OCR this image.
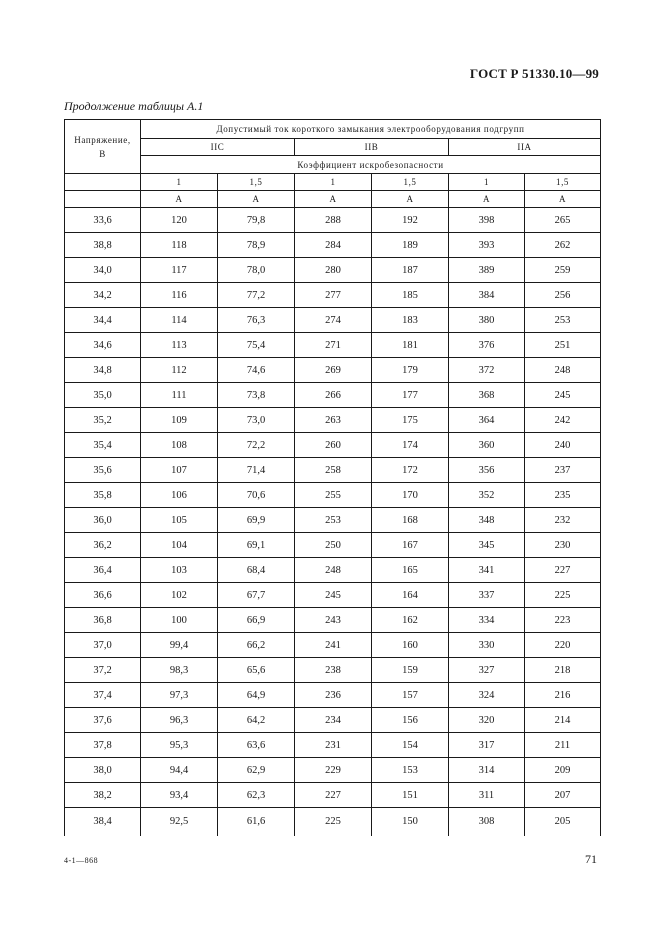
ГОСТ Р 51330.10—99
Продолжение таблицы А.1
Напряжение,
В	Допустимый ток короткого замыкания электрооборудования подгрупп					
	IIC		IIB		IIA	
	Коэффициент искробезопасности					
	1	1,5	1	1,5	1	1,5
	А	А	А	А	А	А
33,6	120	79,8	288	192	398	265
38,8	118	78,9	284	189	393	262
34,0	117	78,0	280	187	389	259
34,2	116	77,2	277	185	384	256
34,4	114	76,3	274	183	380	253
34,6	113	75,4	271	181	376	251
34,8	112	74,6	269	179	372	248
35,0	111	73,8	266	177	368	245
35,2	109	73,0	263	175	364	242
35,4	108	72,2	260	174	360	240
35,6	107	71,4	258	172	356	237
35,8	106	70,6	255	170	352	235
36,0	105	69,9	253	168	348	232
36,2	104	69,1	250	167	345	230
36,4	103	68,4	248	165	341	227
36,6	102	67,7	245	164	337	225
36,8	100	66,9	243	162	334	223
37,0	99,4	66,2	241	160	330	220
37,2	98,3	65,6	238	159	327	218
37,4	97,3	64,9	236	157	324	216
37,6	96,3	64,2	234	156	320	214
37,8	95,3	63,6	231	154	317	211
38,0	94,4	62,9	229	153	314	209
38,2	93,4	62,3	227	151	311	207
38,4	92,5	61,6	225	150	308	205
4-1—868	71
